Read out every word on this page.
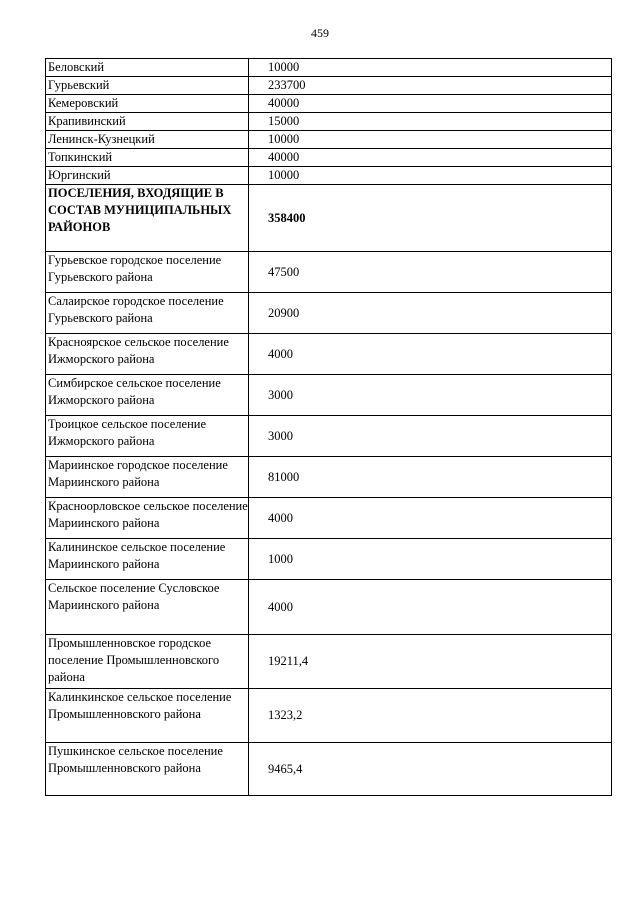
459
Беловский	10000
Гурьевский	233700
Кемеровский	40000
Крапивинский	15000
Ленинск-Кузнецкий	10000
Топкинский	40000
Юргинский	10000
ПОСЕЛЕНИЯ, ВХОДЯЩИЕ В СОСТАВ МУНИЦИПАЛЬНЫХ РАЙОНОВ	358400
Гурьевское городское поселение Гурьевского района	47500
Салаирское городское поселение Гурьевского района	20900
Красноярское сельское поселение Ижморского района	4000
Симбирское сельское поселение Ижморского района	3000
Троицкое сельское поселение Ижморского района	3000
Мариинское городское поселение Мариинского района	81000
Красноорловское сельское поселение Мариинского района	4000
Калининское сельское поселение Мариинского района	1000
Сельское поселение Сусловское Мариинского района	4000
Промышленновское городское поселение Промышленновского района	19211,4
Калинкинское сельское поселение Промышленновского района	1323,2
Пушкинское сельское поселение Промышленновского района	9465,4
